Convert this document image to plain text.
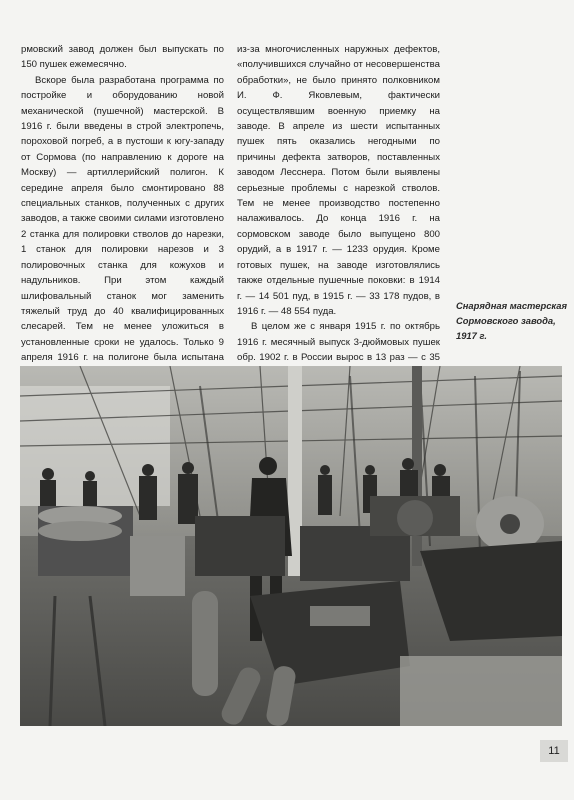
рмовский завод должен был выпускать по 150 пушек ежемесячно.

Вскоре была разработана программа по постройке и оборудованию новой механической (пушечной) мастерской. В 1916 г. были введены в строй электропечь, пороховой погреб, а в пустоши к югу-западу от Сормова (по направлению к дороге на Москву) — артиллерийский полигон. К середине апреля было смонтировано 88 специальных станков, полученных с других заводов, а также своими силами изготовлено 2 станка для полировки стволов до нарезки, 1 станок для полировки нарезов и 3 полировочных станка для кожухов и надульников. При этом каждый шлифовальный станок мог заменить тяжелый труд до 40 квалифицированных слесарей. Тем не менее уложиться в установленные сроки не удалось. Только 9 апреля 1916 г. на полигоне была испытана

из-за многочисленных наружных дефектов, «получившихся случайно от несовершенства обработки», не было принято полковником И. Ф. Яковлевым, фактически осуществлявшим военную приемку на заводе. В апреле из шести испытанных пушек пять оказались негодными по причины дефекта затворов, поставленных заводом Лесснера. Потом были выявлены серьезные проблемы с нарезкой стволов. Тем не менее производство постепенно налаживалось. До конца 1916 г. на сормовском заводе было выпущено 800 орудий, а в 1917 г. — 1233 орудия. Кроме готовых пушек, на заводе изготовлялись также отдельные пушечные поковки: в 1914 г. — 14 501 пуд, в 1915 г. — 33 178 пудов, в 1916 г. — 48 554 пуда.

В целом же с января 1915 г. по октябрь 1916 г. месячный выпуск 3-дюймовых пушек обр. 1902 г. в России вырос в 13 раз — с 35

Снарядная мастерская Сормовского завода, 1917 г.
11
